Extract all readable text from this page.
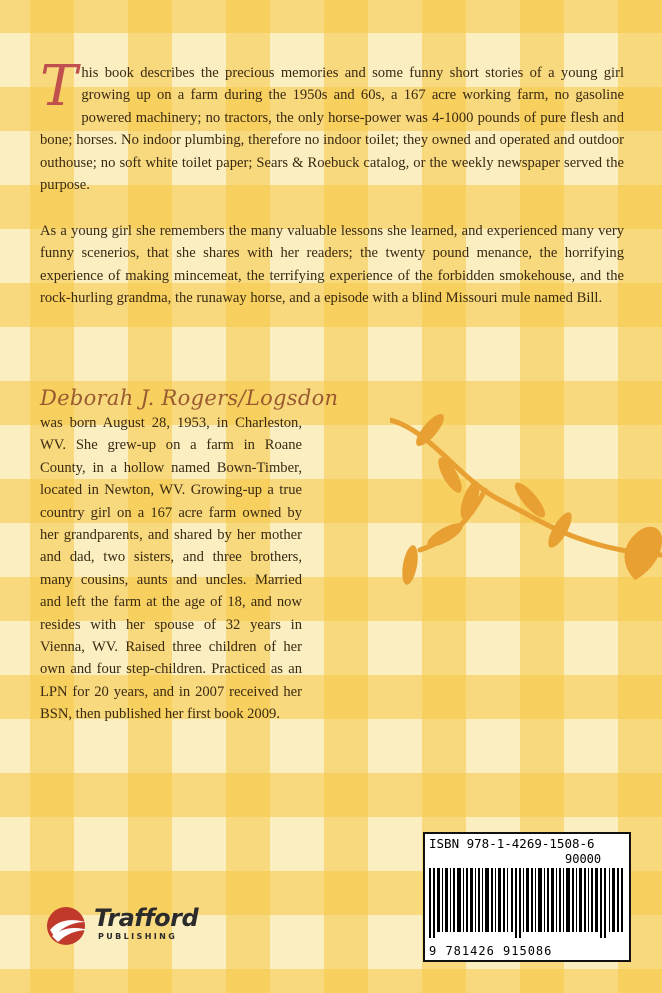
This book describes the precious memories and some funny short stories of a young girl growing up on a farm during the 1950s and 60s, a 167 acre working farm, no gasoline powered machinery; no tractors, the only horse-power was 4-1000 pounds of pure flesh and bone; horses. No indoor plumbing, therefore no indoor toilet; they owned and operated and outdoor outhouse; no soft white toilet paper; Sears & Roebuck catalog, or the weekly newspaper served the purpose.

As a young girl she remembers the many valuable lessons she learned, and experienced many very funny scenerios, that she shares with her readers; the twenty pound menance, the horrifying experience of making mincemeat, the terrifying experience of the forbidden smokehouse, and the rock-hurling grandma, the runaway horse, and a episode with a blind Missouri mule named Bill.

Deborah J. Rogers/Logsdon

was born August 28, 1953, in Charleston, WV. She grew-up on a farm in Roane County, in a hollow named Bown-Timber, located in Newton, WV. Growing-up a true country girl on a 167 acre farm owned by her grandparents, and shared by her mother and dad, two sisters, and three brothers, many cousins, aunts and uncles. Married and left the farm at the age of 18, and now resides with her spouse of 32 years in Vienna, WV. Raised three children of her own and four step-children. Practiced as an LPN for 20 years, and in 2007 received her BSN, then published her first book 2009.

ISBN 978-1-4269-1508-6
90000
9 781426 915086
Trafford
PUBLISHING
